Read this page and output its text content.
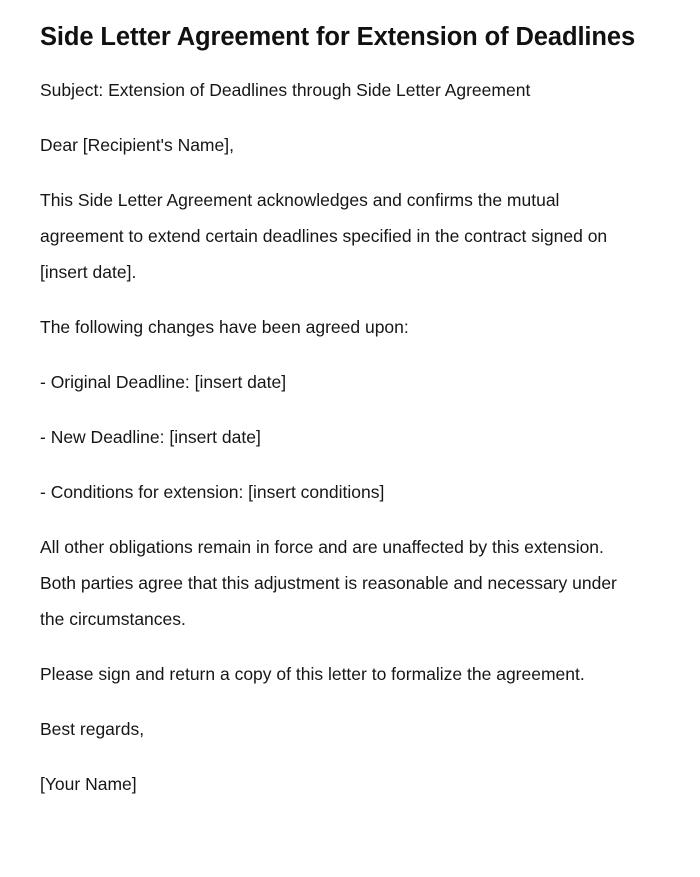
Side Letter Agreement for Extension of Deadlines

Subject: Extension of Deadlines through Side Letter Agreement

Dear [Recipient's Name],

This Side Letter Agreement acknowledges and confirms the mutual agreement to extend certain deadlines specified in the contract signed on [insert date].

The following changes have been agreed upon:

- Original Deadline: [insert date]

- New Deadline: [insert date]

- Conditions for extension: [insert conditions]

All other obligations remain in force and are unaffected by this extension. Both parties agree that this adjustment is reasonable and necessary under the circumstances.

Please sign and return a copy of this letter to formalize the agreement.

Best regards,

[Your Name]
